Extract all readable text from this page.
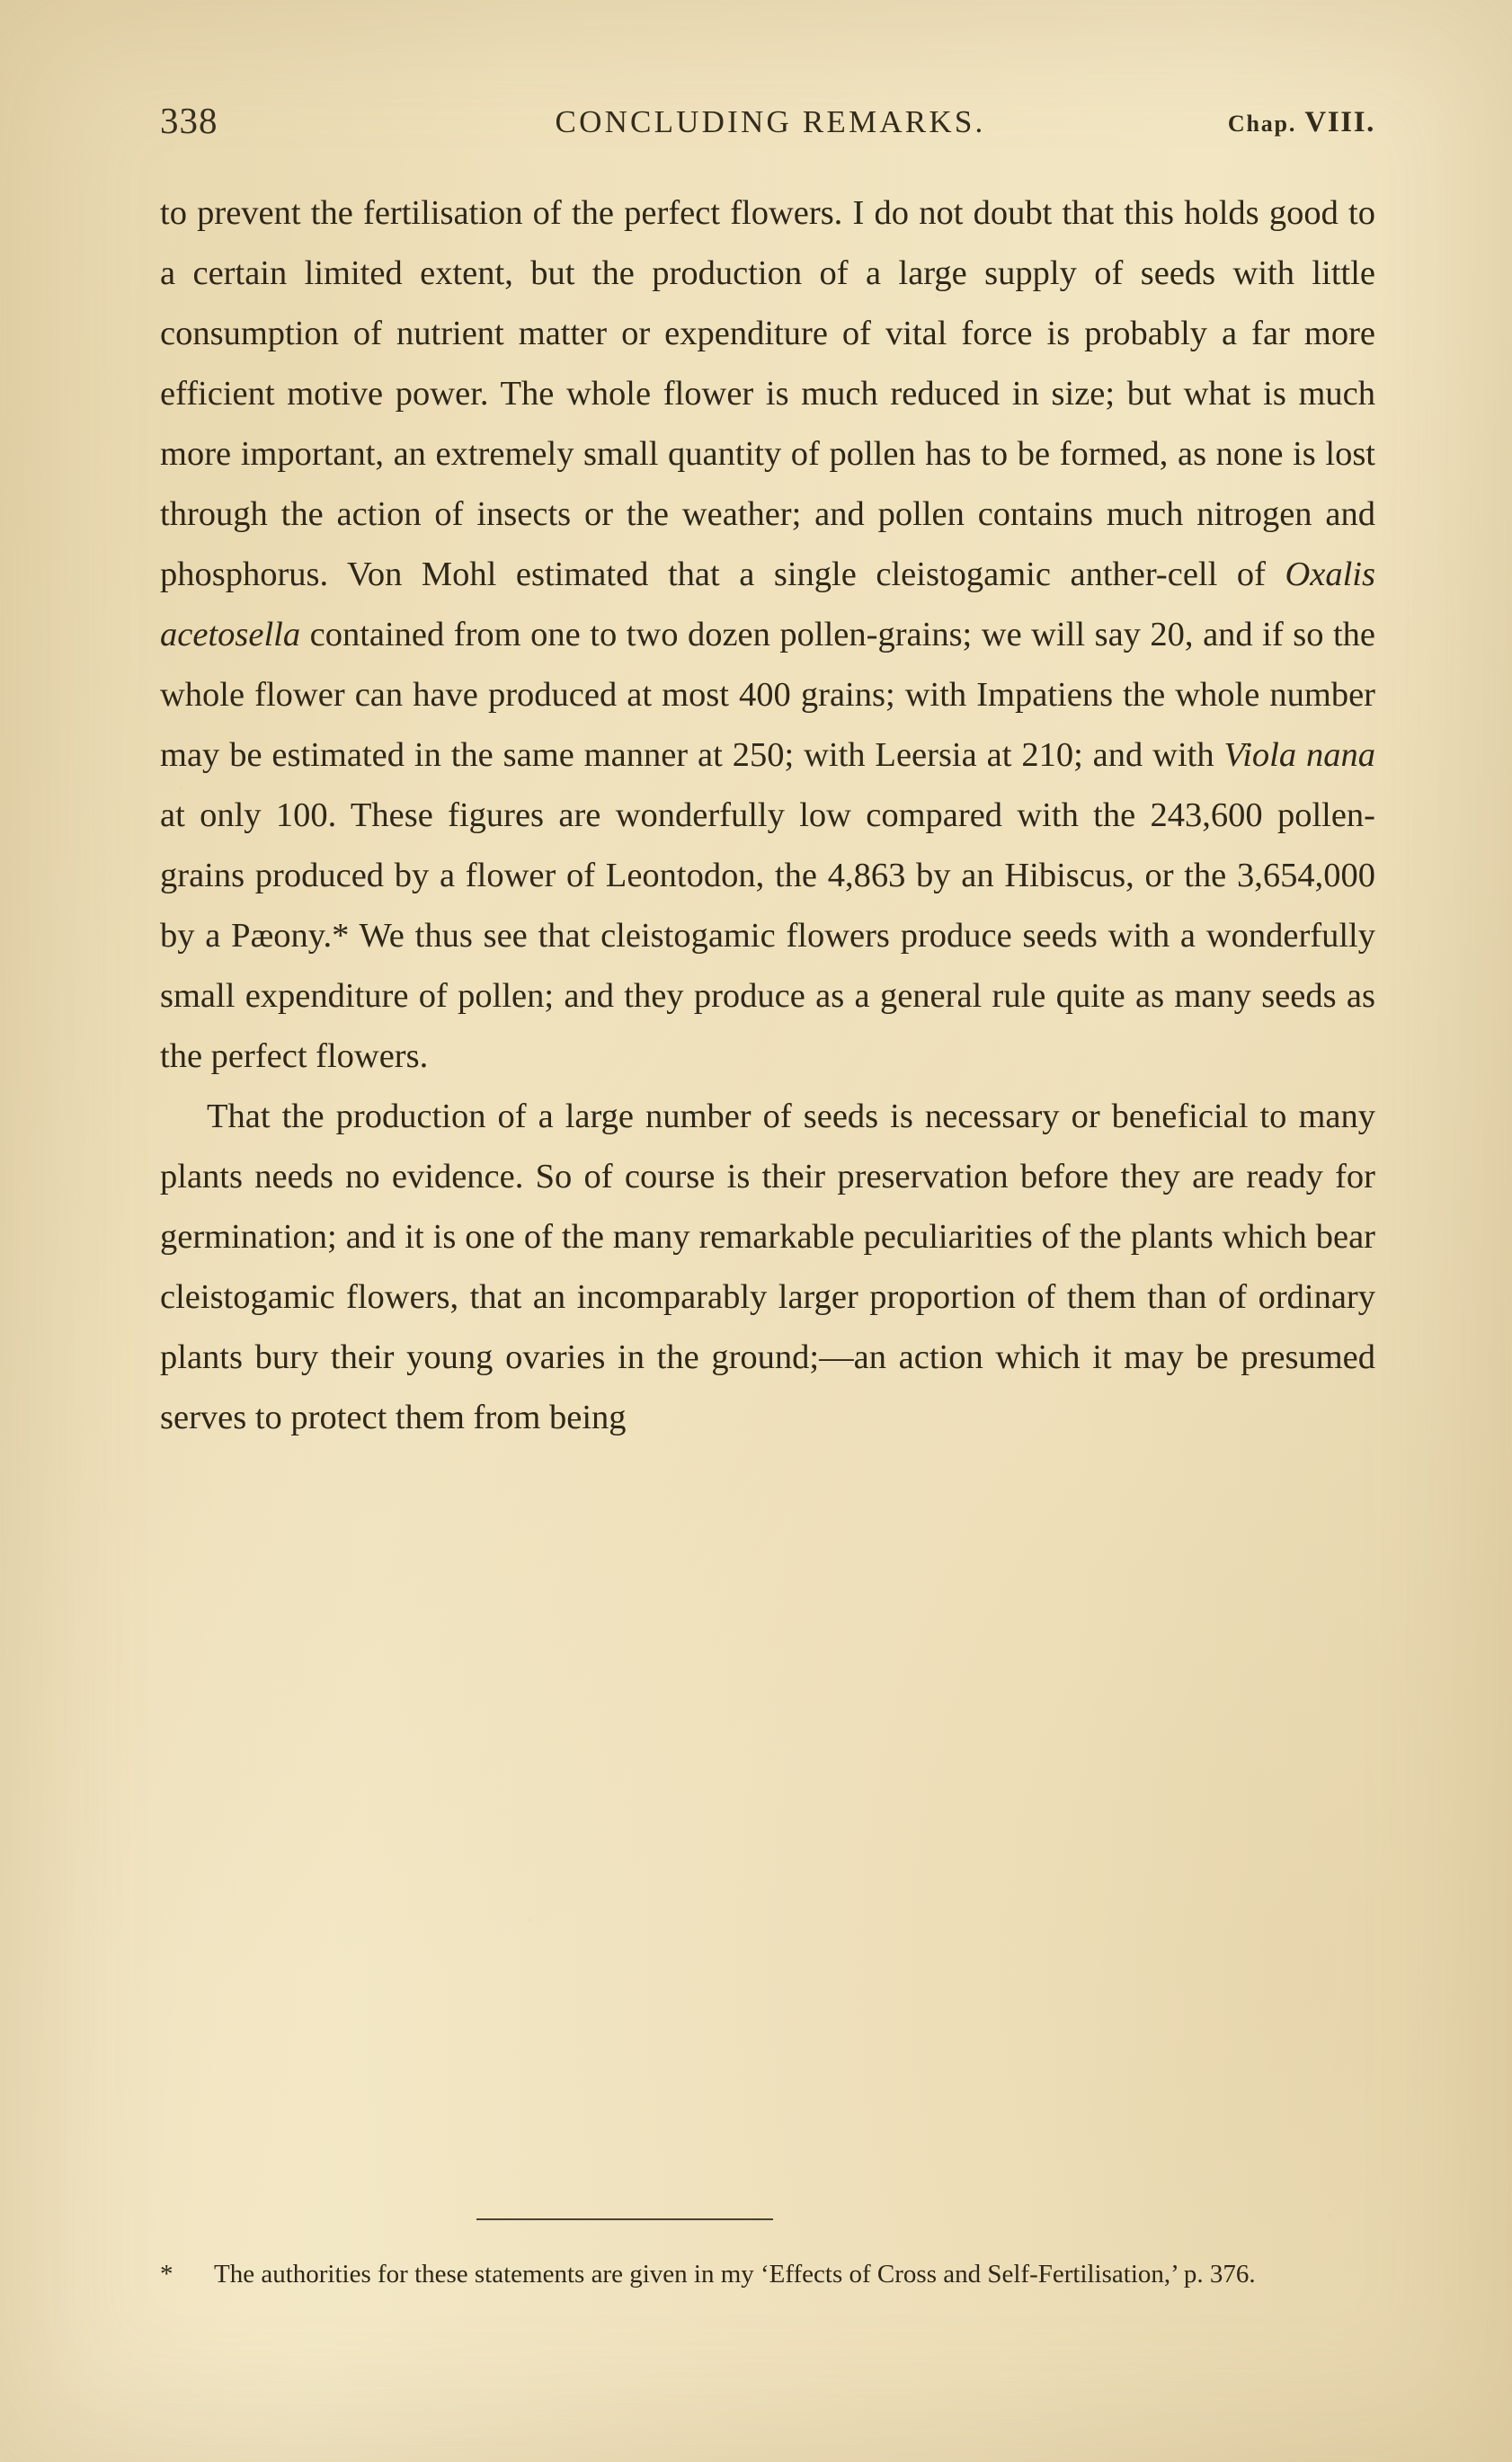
338	CONCLUDING REMARKS.	Chap. VIII.

to prevent the fertilisation of the perfect flowers. I do not doubt that this holds good to a certain limited extent, but the production of a large supply of seeds with little consumption of nutrient matter or expenditure of vital force is probably a far more efficient motive power. The whole flower is much reduced in size; but what is much more important, an extremely small quantity of pollen has to be formed, as none is lost through the action of insects or the weather; and pollen contains much nitrogen and phosphorus. Von Mohl estimated that a single cleistogamic anther-cell of Oxalis acetosella contained from one to two dozen pollen-grains; we will say 20, and if so the whole flower can have produced at most 400 grains; with Impatiens the whole number may be estimated in the same manner at 250; with Leersia at 210; and with Viola nana at only 100. These figures are wonderfully low compared with the 243,600 pollen-grains produced by a flower of Leontodon, the 4,863 by an Hibiscus, or the 3,654,000 by a Pæony.* We thus see that cleistogamic flowers produce seeds with a wonderfully small expenditure of pollen; and they produce as a general rule quite as many seeds as the perfect flowers.

That the production of a large number of seeds is necessary or beneficial to many plants needs no evidence. So of course is their preservation before they are ready for germination; and it is one of the many remarkable peculiarities of the plants which bear cleistogamic flowers, that an incomparably larger proportion of them than of ordinary plants bury their young ovaries in the ground;—an action which it may be presumed serves to protect them from being

* The authorities for these statements are given in my ‘Effects of Cross and Self-Fertilisation,’ p. 376.
